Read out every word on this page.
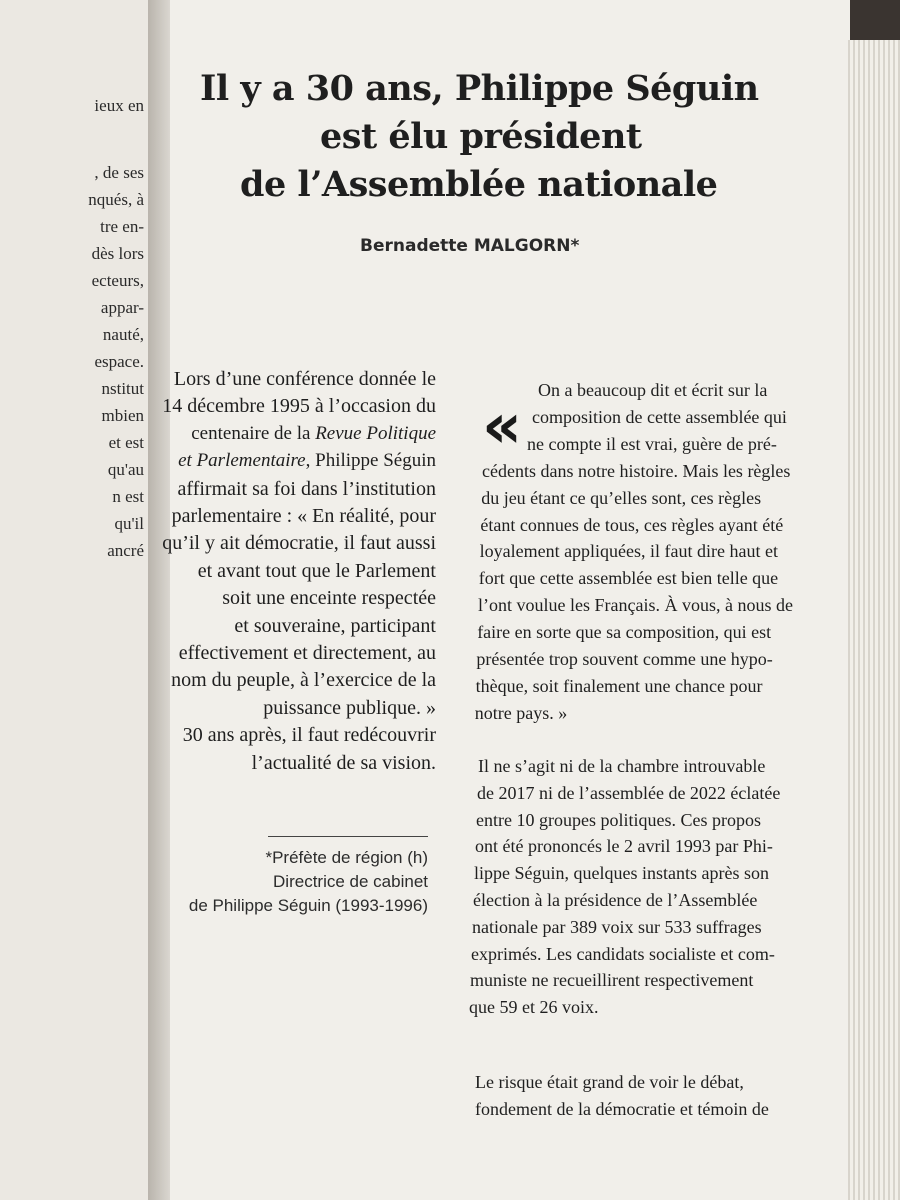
ieux en
, de ses
nqués, à
tre en-
dès lors
ecteurs,
appar-
nauté,
espace.
nstitut
mbien
et est
qu'au
n est
qu'il
ancré
Il y a 30 ans, Philippe Séguin
est élu président
de l’Assemblée nationale
Bernadette MALGORN*
Lors d’une conférence donnée le
14 décembre 1995 à l’occasion du
centenaire de la Revue Politique
et Parlementaire, Philippe Séguin
affirmait sa foi dans l’institution
parlementaire : « En réalité, pour
qu’il y ait démocratie, il faut aussi
et avant tout que le Parlement
soit une enceinte respectée
et souveraine, participant
effectivement et directement, au
nom du peuple, à l’exercice de la
puissance publique. »
30 ans après, il faut redécouvrir
l’actualité de sa vision.
*Préfète de région (h)
Directrice de cabinet
de Philippe Séguin (1993-1996)
« On a beaucoup dit et écrit sur la
composition de cette assemblée qui
ne compte il est vrai, guère de pré-
cédents dans notre histoire. Mais les règles
du jeu étant ce qu’elles sont, ces règles
étant connues de tous, ces règles ayant été
loyalement appliquées, il faut dire haut et
fort que cette assemblée est bien telle que
l’ont voulue les Français. À vous, à nous de
faire en sorte que sa composition, qui est
présentée trop souvent comme une hypo-
thèque, soit finalement une chance pour
notre pays. »
Il ne s’agit ni de la chambre introuvable
de 2017 ni de l’assemblée de 2022 éclatée
entre 10 groupes politiques. Ces propos
ont été prononcés le 2 avril 1993 par Phi-
lippe Séguin, quelques instants après son
élection à la présidence de l’Assemblée
nationale par 389 voix sur 533 suffrages
exprimés. Les candidats socialiste et com-
muniste ne recueillirent respectivement
que 59 et 26 voix.
Le risque était grand de voir le débat,
fondement de la démocratie et témoin de
